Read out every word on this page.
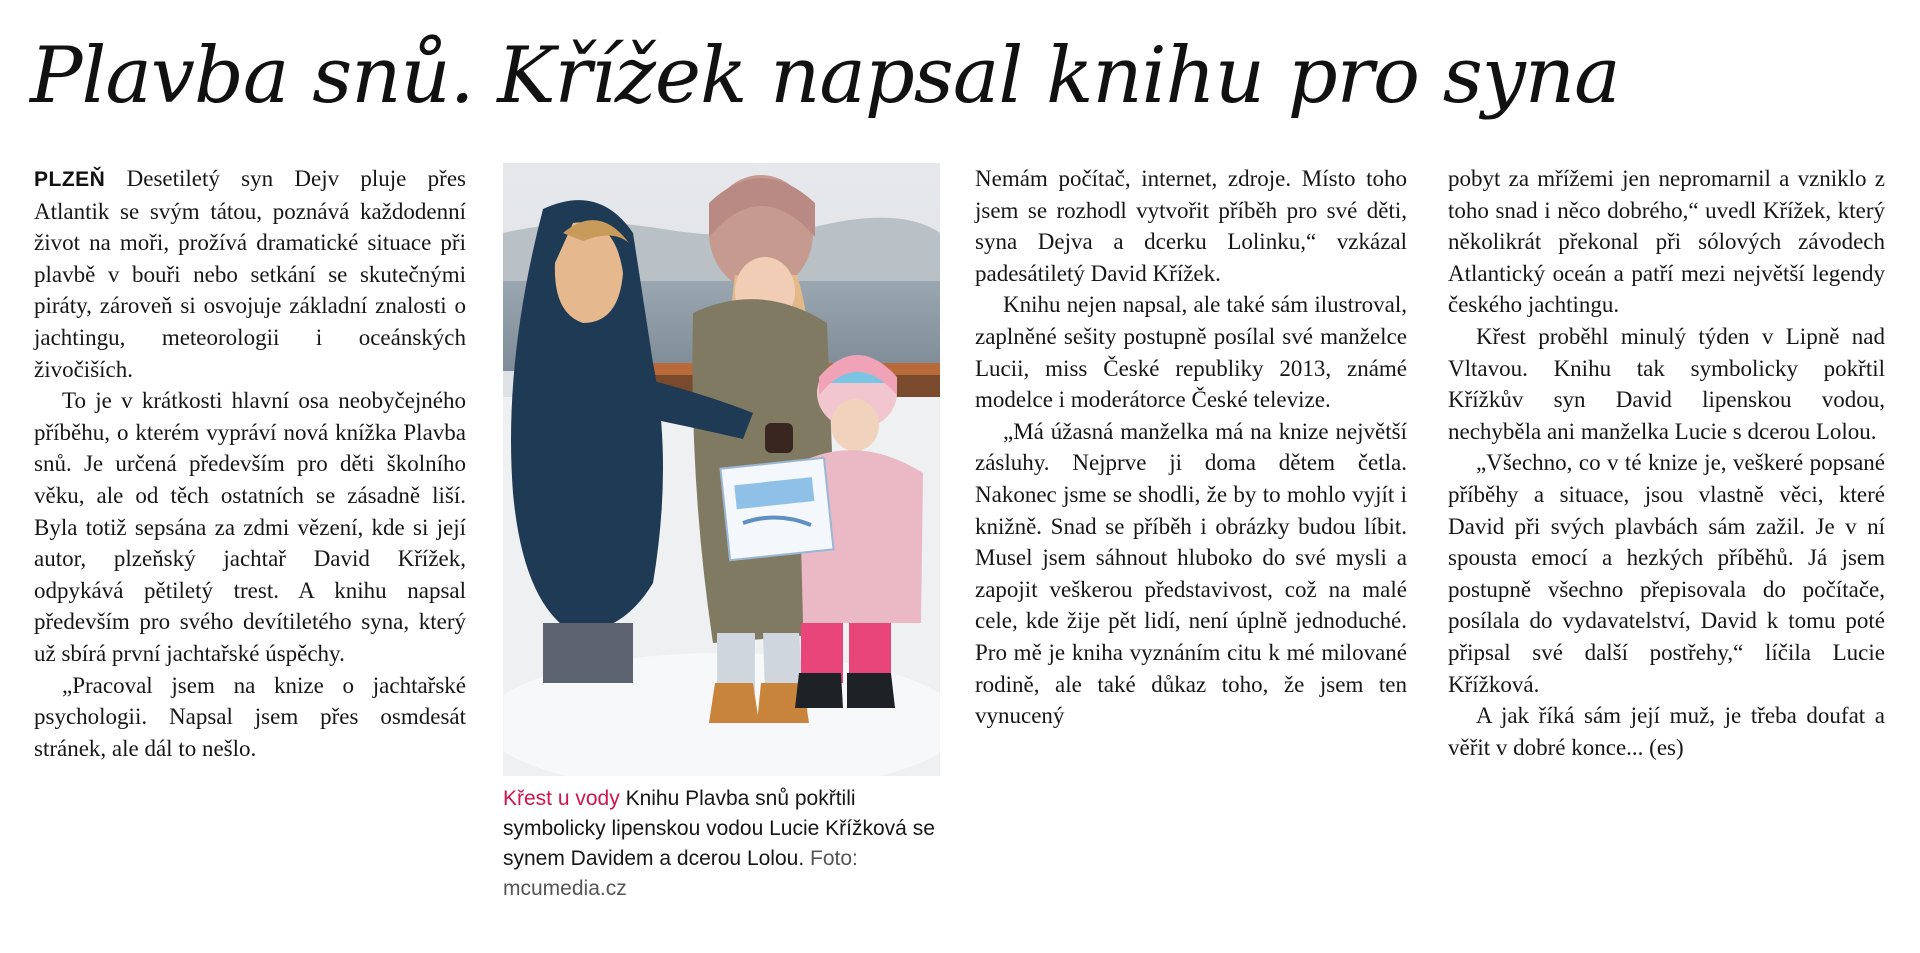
Plavba snů. Křížek napsal knihu pro syna

PLZEŇ Desetiletý syn Dejv pluje přes Atlantik se svým tátou, poznává každodenní život na moři, prožívá dramatické situace při plavbě v bouři nebo setkání se skutečnými piráty, zároveň si osvojuje základní znalosti o jachtingu, meteorologii i oceánských živočiších.

To je v krátkosti hlavní osa neobyčejného příběhu, o kterém vypráví nová knížka Plavba snů. Je určená především pro děti školního věku, ale od těch ostatních se zásadně liší. Byla totiž sepsána za zdmi vězení, kde si její autor, plzeňský jachtař David Křížek, odpykává pětiletý trest. A knihu napsal především pro svého devítiletého syna, který už sbírá první jachtařské úspěchy.

„Pracoval jsem na knize o jachtařské psychologii. Napsal jsem přes osmdesát stránek, ale dál to nešlo.

Křest u vody Knihu Plavba snů pokřtili symbolicky lipenskou vodou Lucie Křížková se synem Davidem a dcerou Lolou. Foto: mcumedia.cz

Nemám počítač, internet, zdroje. Místo toho jsem se rozhodl vytvořit příběh pro své děti, syna Dejva a dcerku Lolinku,“ vzkázal padesátiletý David Křížek.

Knihu nejen napsal, ale také sám ilustroval, zaplněné sešity postupně posílal své manželce Lucii, miss České republiky 2013, známé modelce i moderátorce České televize.

„Má úžasná manželka má na knize největší zásluhy. Nejprve ji doma dětem četla. Nakonec jsme se shodli, že by to mohlo vyjít i knižně. Snad se příběh i obrázky budou líbit. Musel jsem sáhnout hluboko do své mysli a zapojit veškerou představivost, což na malé cele, kde žije pět lidí, není úplně jednoduché. Pro mě je kniha vyznáním citu k mé milované rodině, ale také důkaz toho, že jsem ten vynucený

pobyt za mřížemi jen nepromarnil a vzniklo z toho snad i něco dobrého,“ uvedl Křížek, který několikrát překonal při sólových závodech Atlantický oceán a patří mezi největší legendy českého jachtingu.

Křest proběhl minulý týden v Lipně nad Vltavou. Knihu tak symbolicky pokřtil Křížkův syn David lipenskou vodou, nechyběla ani manželka Lucie s dcerou Lolou.

„Všechno, co v té knize je, veškeré popsané příběhy a situace, jsou vlastně věci, které David při svých plavbách sám zažil. Je v ní spousta emocí a hezkých příběhů. Já jsem postupně všechno přepisovala do počítače, posílala do vydavatelství, David k tomu poté připsal své další postřehy,“ líčila Lucie Křížková.

A jak říká sám její muž, je třeba doufat a věřit v dobré konce... (es)
